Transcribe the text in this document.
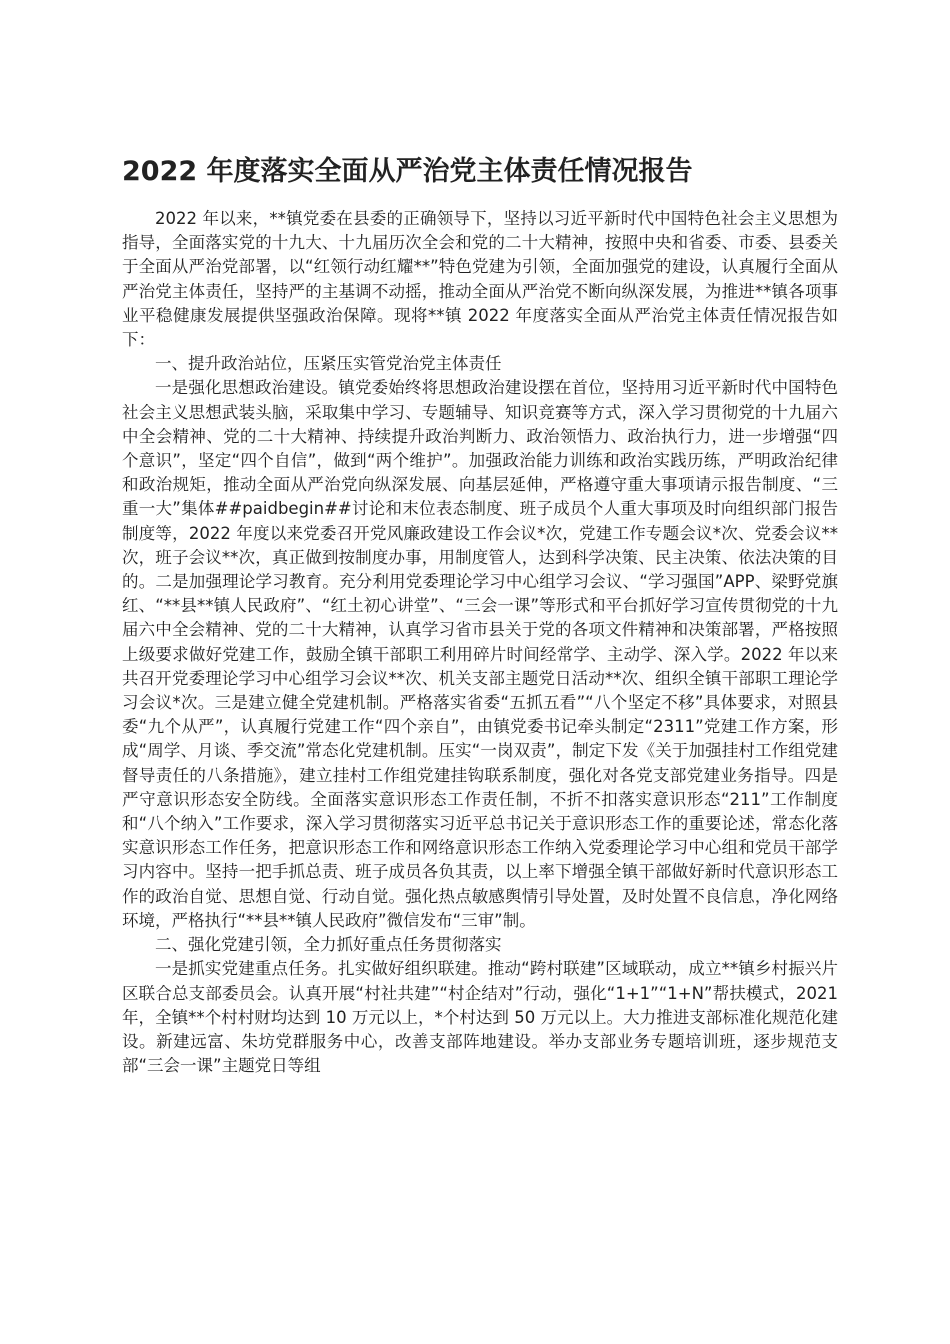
2022 年度落实全面从严治党主体责任情况报告

2022 年以来，**镇党委在县委的正确领导下，坚持以习近平新时代中国特色社会主义思想为指导，全面落实党的十九大、十九届历次全会和党的二十大精神，按照中央和省委、市委、县委关于全面从严治党部署，以“红领行动红耀**”特色党建为引领，全面加强党的建设，认真履行全面从严治党主体责任，坚持严的主基调不动摇，推动全面从严治党不断向纵深发展，为推进**镇各项事业平稳健康发展提供坚强政治保障。现将**镇 2022 年度落实全面从严治党主体责任情况报告如下：

一、提升政治站位，压紧压实管党治党主体责任

一是强化思想政治建设。镇党委始终将思想政治建设摆在首位，坚持用习近平新时代中国特色社会主义思想武装头脑，采取集中学习、专题辅导、知识竞赛等方式，深入学习贯彻党的十九届六中全会精神、党的二十大精神、持续提升政治判断力、政治领悟力、政治执行力，进一步增强“四个意识”，坚定“四个自信”，做到“两个维护”。加强政治能力训练和政治实践历练，严明政治纪律和政治规矩，推动全面从严治党向纵深发展、向基层延伸，严格遵守重大事项请示报告制度、“三重一大”集体##paidbegin##讨论和末位表态制度、班子成员个人重大事项及时向组织部门报告制度等，2022 年度以来党委召开党风廉政建设工作会议*次，党建工作专题会议*次、党委会议**次，班子会议**次，真正做到按制度办事，用制度管人，达到科学决策、民主决策、依法决策的目的。二是加强理论学习教育。充分利用党委理论学习中心组学习会议、“学习强国”APP、梁野党旗红、“**县**镇人民政府”、“红土初心讲堂”、“三会一课”等形式和平台抓好学习宣传贯彻党的十九届六中全会精神、党的二十大精神，认真学习省市县关于党的各项文件精神和决策部署，严格按照上级要求做好党建工作，鼓励全镇干部职工利用碎片时间经常学、主动学、深入学。2022 年以来共召开党委理论学习中心组学习会议**次、机关支部主题党日活动**次、组织全镇干部职工理论学习会议*次。三是建立健全党建机制。严格落实省委“五抓五看”“八个坚定不移”具体要求，对照县委“九个从严”，认真履行党建工作“四个亲自”，由镇党委书记牵头制定“2311”党建工作方案，形成“周学、月谈、季交流”常态化党建机制。压实“一岗双责”，制定下发《关于加强挂村工作组党建督导责任的八条措施》，建立挂村工作组党建挂钩联系制度，强化对各党支部党建业务指导。四是严守意识形态安全防线。全面落实意识形态工作责任制，不折不扣落实意识形态“211”工作制度和“八个纳入”工作要求，深入学习贯彻落实习近平总书记关于意识形态工作的重要论述，常态化落实意识形态工作任务，把意识形态工作和网络意识形态工作纳入党委理论学习中心组和党员干部学习内容中。坚持一把手抓总责、班子成员各负其责，以上率下增强全镇干部做好新时代意识形态工作的政治自觉、思想自觉、行动自觉。强化热点敏感舆情引导处置，及时处置不良信息，净化网络环境，严格执行“**县**镇人民政府”微信发布“三审”制。

二、强化党建引领，全力抓好重点任务贯彻落实

一是抓实党建重点任务。扎实做好组织联建。推动“跨村联建”区域联动，成立**镇乡村振兴片区联合总支部委员会。认真开展“村社共建”“村企结对”行动，强化“1+1”“1+N”帮扶模式，2021 年，全镇**个村村财均达到 10 万元以上，*个村达到 50 万元以上。大力推进支部标准化规范化建设。新建远富、朱坊党群服务中心，改善支部阵地建设。举办支部业务专题培训班，逐步规范支部“三会一课”主题党日等组
